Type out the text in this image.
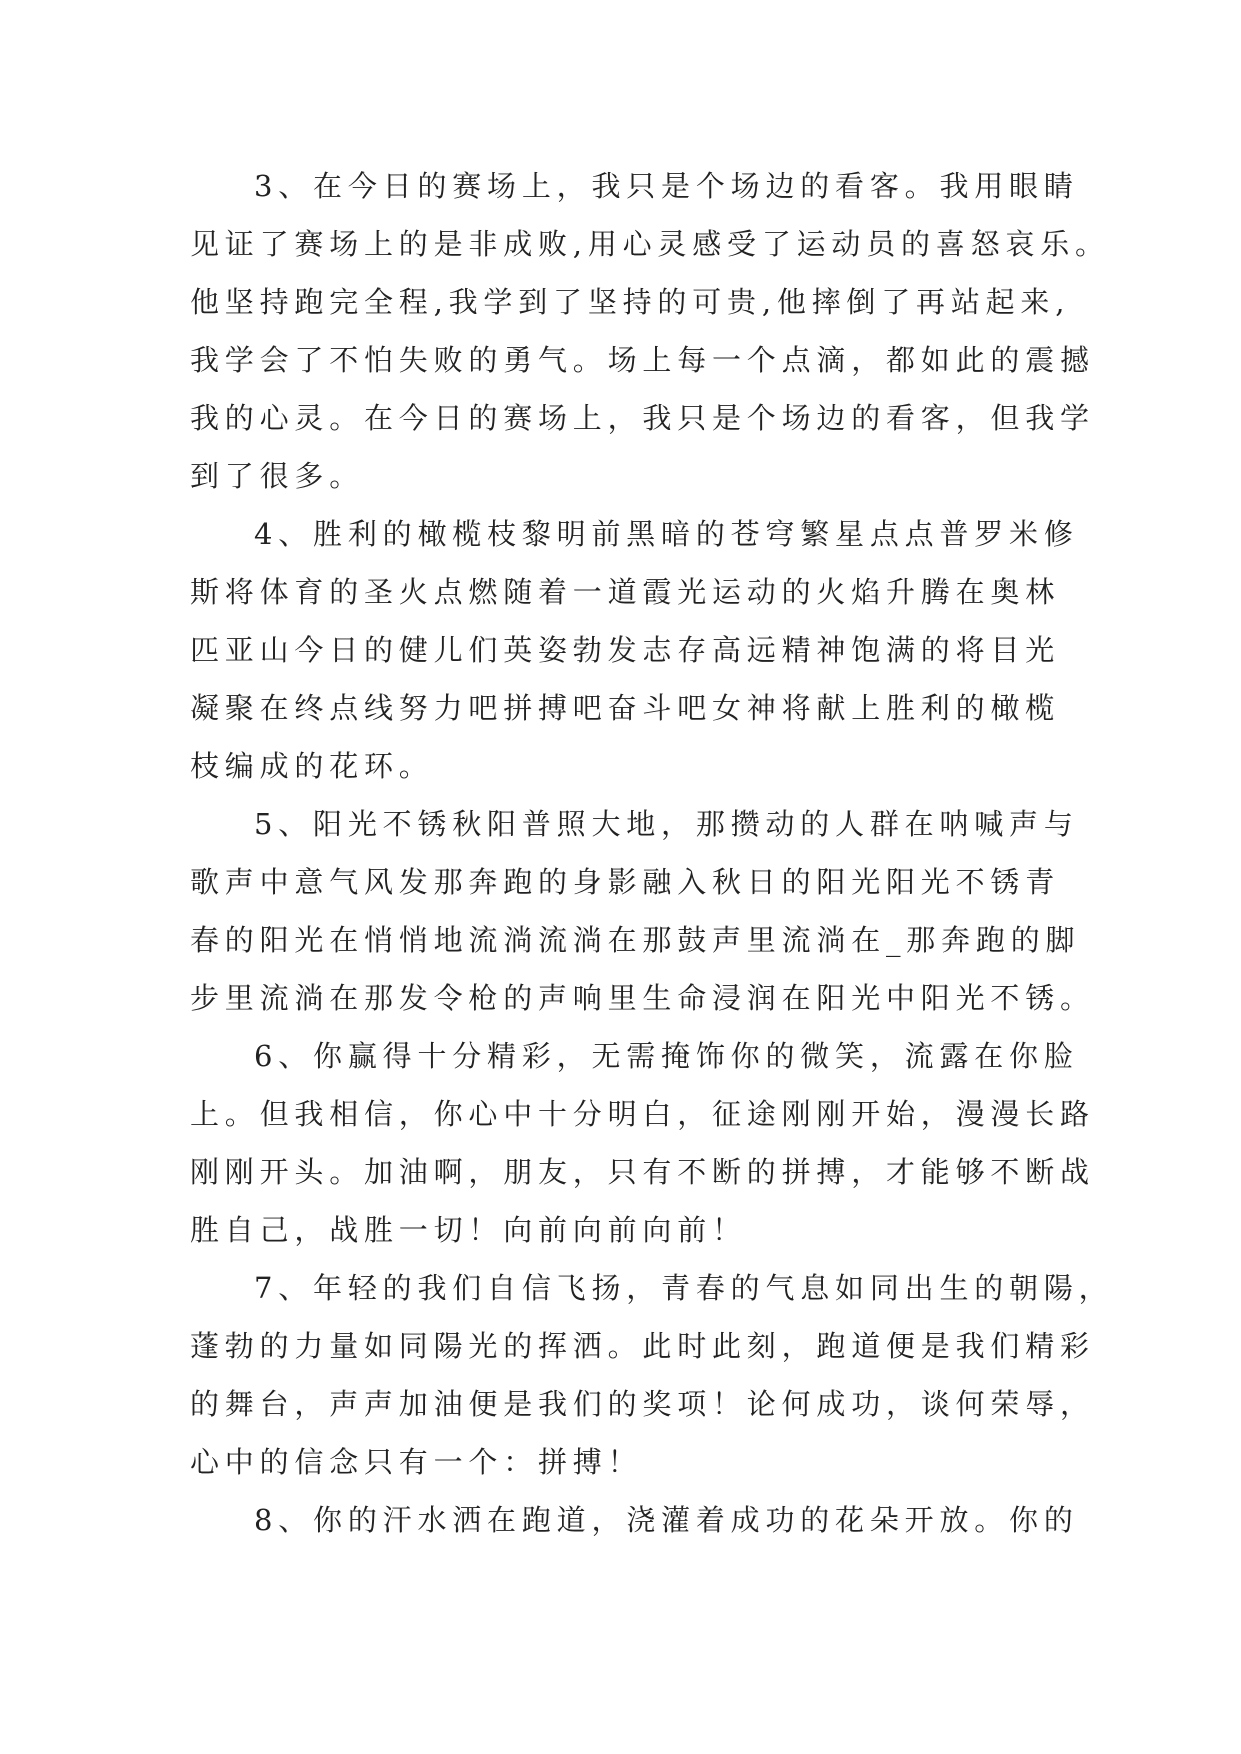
3、在今日的赛场上，我只是个场边的看客。我用眼睛
见证了赛场上的是非成败,用心灵感受了运动员的喜怒哀乐。
他坚持跑完全程,我学到了坚持的可贵,他摔倒了再站起来,
我学会了不怕失败的勇气。场上每一个点滴，都如此的震撼
我的心灵。在今日的赛场上，我只是个场边的看客，但我学
到了很多。

4、胜利的橄榄枝黎明前黑暗的苍穹繁星点点普罗米修
斯将体育的圣火点燃随着一道霞光运动的火焰升腾在奥林
匹亚山今日的健儿们英姿勃发志存高远精神饱满的将目光
凝聚在终点线努力吧拼搏吧奋斗吧女神将献上胜利的橄榄
枝编成的花环。

5、阳光不锈秋阳普照大地，那攒动的人群在呐喊声与
歌声中意气风发那奔跑的身影融入秋日的阳光阳光不锈青
春的阳光在悄悄地流淌流淌在那鼓声里流淌在_那奔跑的脚
步里流淌在那发令枪的声响里生命浸润在阳光中阳光不锈。

6、你赢得十分精彩，无需掩饰你的微笑，流露在你脸
上。但我相信，你心中十分明白，征途刚刚开始，漫漫长路
刚刚开头。加油啊，朋友，只有不断的拼搏，才能够不断战
胜自己，战胜一切！向前向前向前！

7、年轻的我们自信飞扬，青春的气息如同出生的朝陽，
蓬勃的力量如同陽光的挥洒。此时此刻，跑道便是我们精彩
的舞台，声声加油便是我们的奖项！论何成功，谈何荣辱，
心中的信念只有一个：拼搏！

8、你的汗水洒在跑道，浇灌着成功的花朵开放。你的
